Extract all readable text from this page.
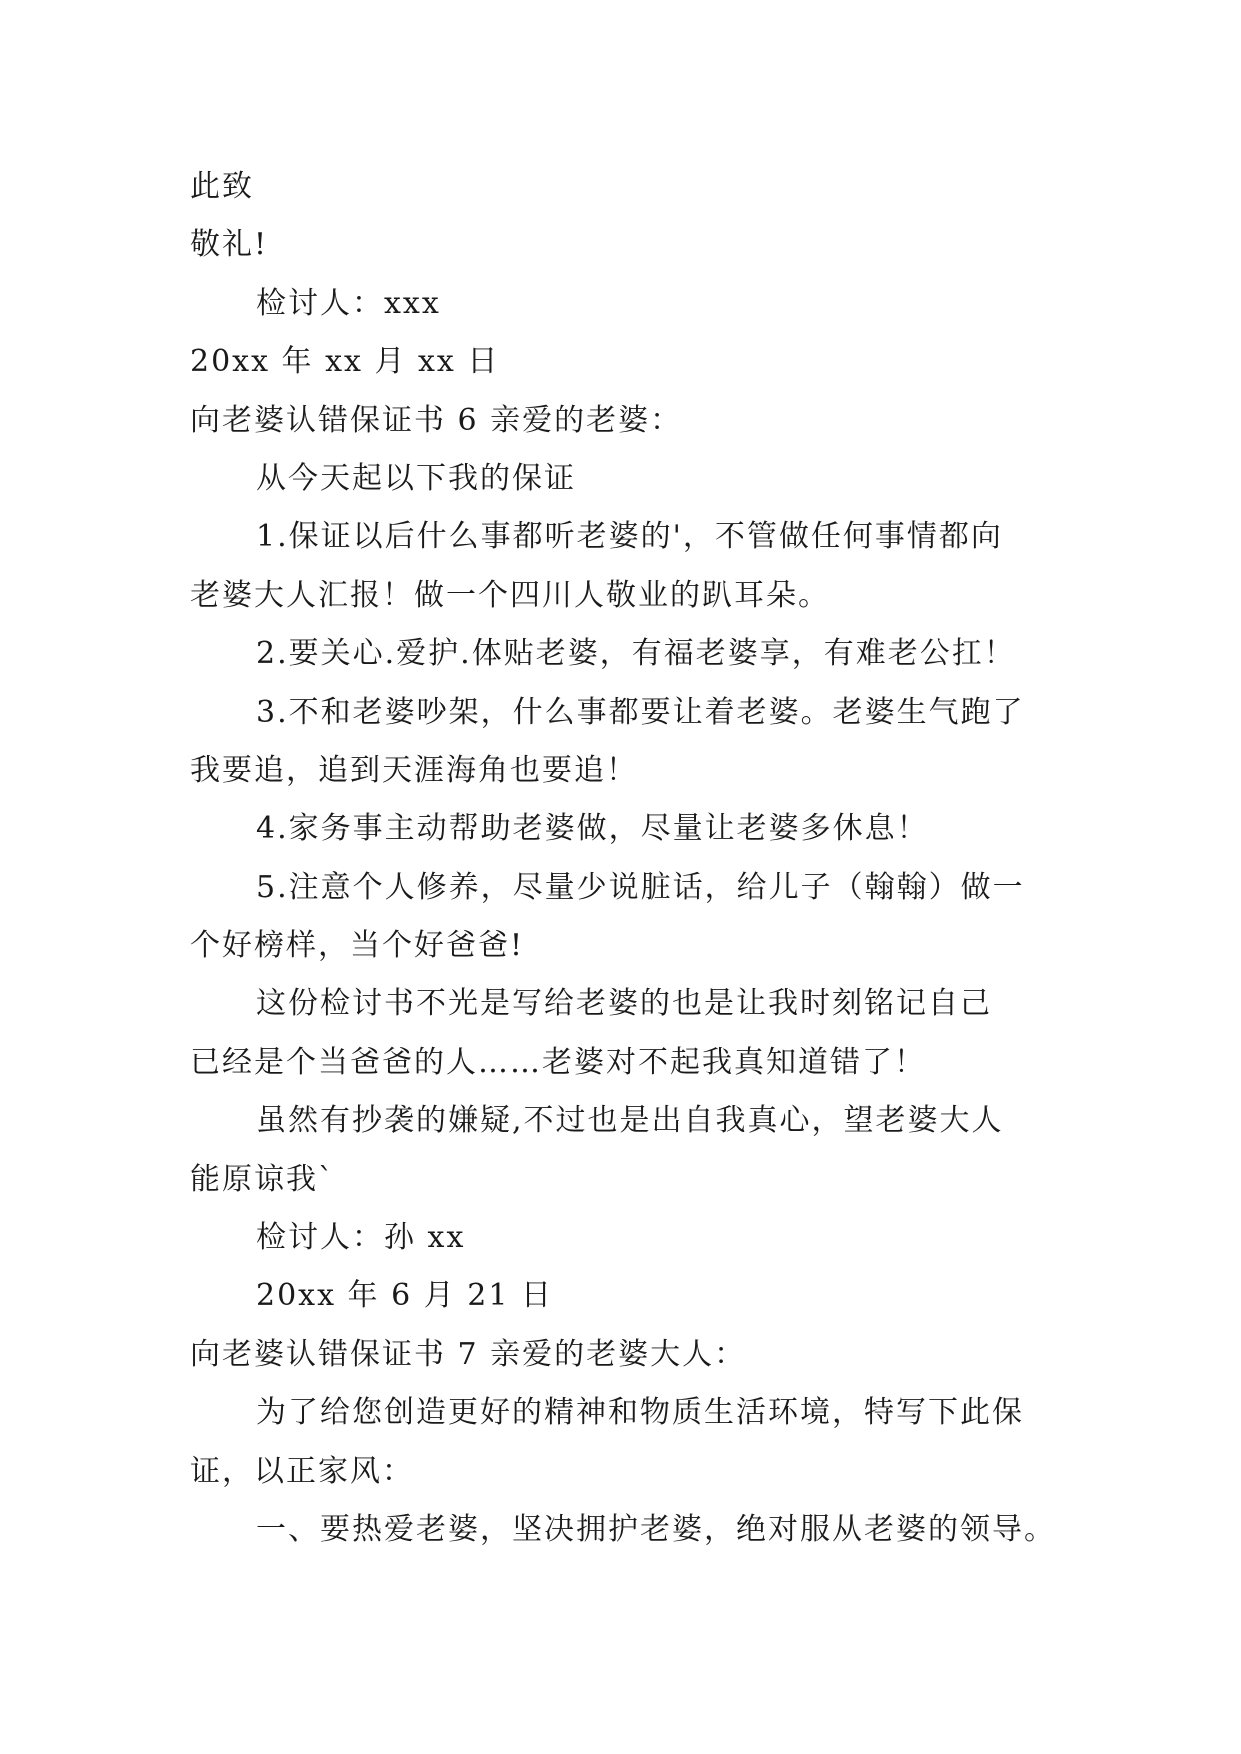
此致
敬礼!
检讨人：xxx
20xx 年 xx 月 xx 日
向老婆认错保证书 6 亲爱的老婆：
从今天起以下我的保证
1.保证以后什么事都听老婆的'，不管做任何事情都向
老婆大人汇报！做一个四川人敬业的趴耳朵。
2.要关心.爱护.体贴老婆，有福老婆享，有难老公扛！
3.不和老婆吵架，什么事都要让着老婆。老婆生气跑了
我要追，追到天涯海角也要追！
4.家务事主动帮助老婆做，尽量让老婆多休息！
5.注意个人修养，尽量少说脏话，给儿子（翰翰）做一
个好榜样，当个好爸爸!
这份检讨书不光是写给老婆的也是让我时刻铭记自己
已经是个当爸爸的人……老婆对不起我真知道错了！
虽然有抄袭的嫌疑,不过也是出自我真心，望老婆大人
能原谅我`
检讨人：孙 xx
20xx 年 6 月 21 日
向老婆认错保证书 7 亲爱的老婆大人：
为了给您创造更好的精神和物质生活环境，特写下此保
证，以正家风：
一、要热爱老婆，坚决拥护老婆，绝对服从老婆的领导。
